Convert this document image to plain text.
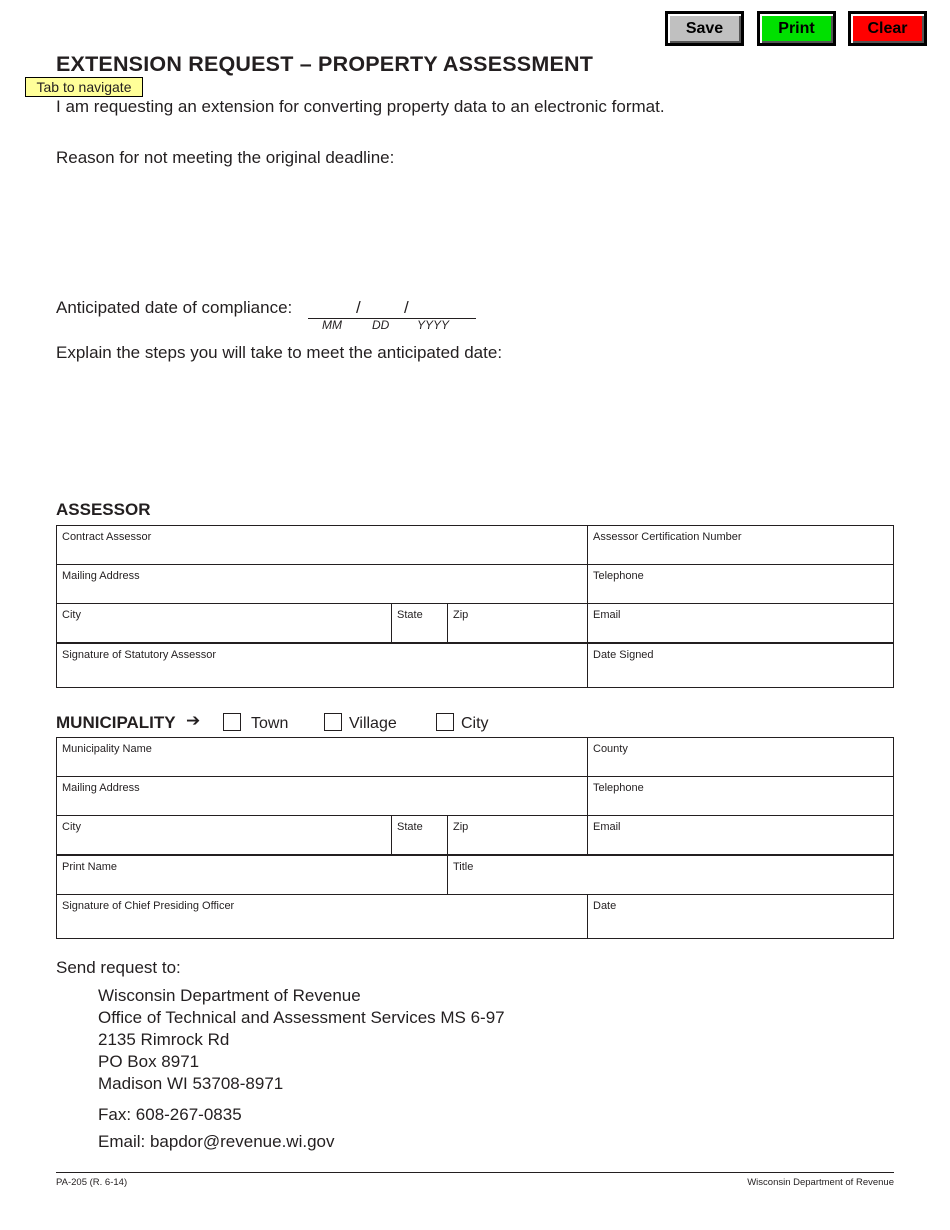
Save	Print	Clear
EXTENSION REQUEST – PROPERTY ASSESSMENT
Tab to navigate
I am requesting an extension for converting property data to an electronic format.
Reason for not meeting the original deadline:
Anticipated date of compliance:	/	/
MM	DD YYYY
Explain the steps you will take to meet the anticipated date:
ASSESSOR
Contract Assessor	Assessor Certification Number
Mailing Address	Telephone
City	State	Zip	Email
Signature of Statutory Assessor	Date Signed
MUNICIPALITY ➔	Town	Village	City
Municipality Name	County
Mailing Address	Telephone
City	State	Zip	Email
Print Name	Title
Signature of Chief Presiding Officer	Date
Send request to:
Wisconsin Department of Revenue
Office of Technical and Assessment Services MS 6-97
2135 Rimrock Rd
PO Box 8971
Madison WI 53708-8971
Fax: 608-267-0835
Email: bapdor@revenue.wi.gov
PA-205 (R. 6-14)	Wisconsin Department of Revenue
